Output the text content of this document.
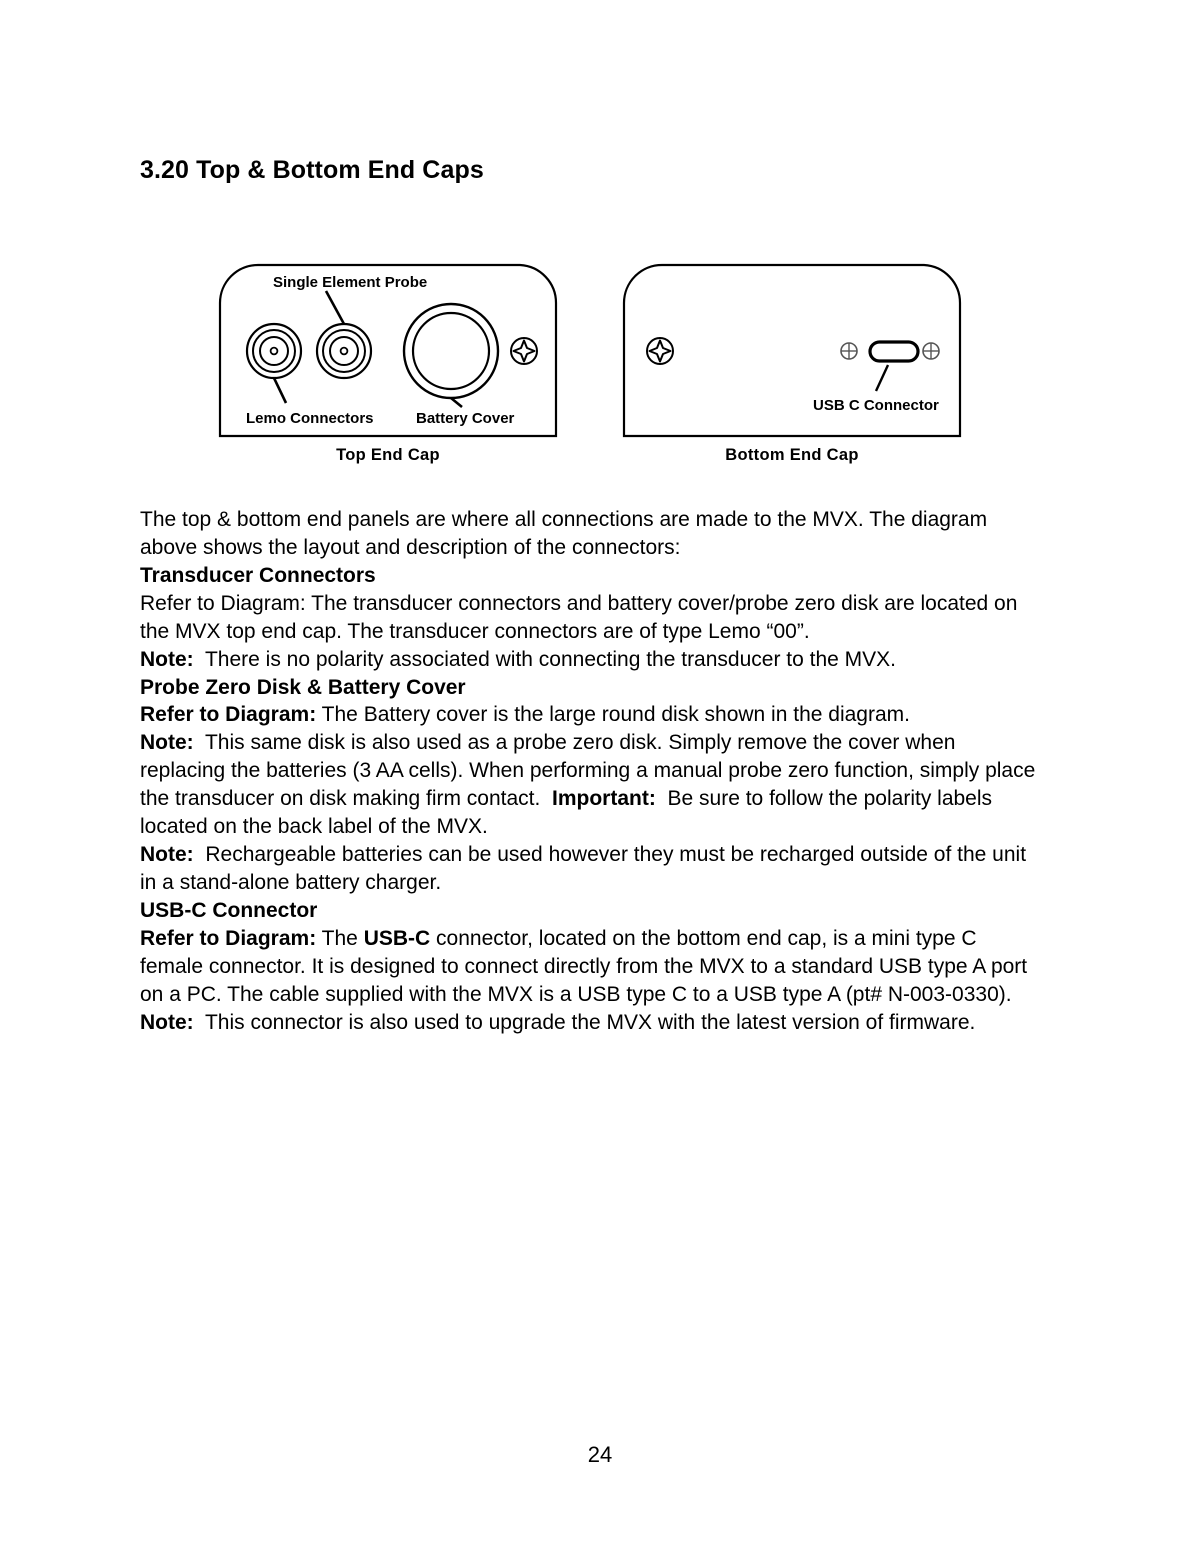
3.20 Top & Bottom End Caps
Single Element Probe
Lemo Connectors	Battery Cover
Top End Cap
USB C Connector
Bottom End Cap

The top & bottom end panels are where all connections are made to the MVX. The diagram above shows the layout and description of the connectors:

Transducer Connectors

Refer to Diagram: The transducer connectors and battery cover/probe zero disk are located on the MVX top end cap. The transducer connectors are of type Lemo “00”.

Note: There is no polarity associated with connecting the transducer to the MVX.

Probe Zero Disk & Battery Cover

Refer to Diagram: The Battery cover is the large round disk shown in the diagram.
Note: This same disk is also used as a probe zero disk. Simply remove the cover when replacing the batteries (3 AA cells). When performing a manual probe zero function, simply place the transducer on disk making firm contact. Important: Be sure to follow the polarity labels located on the back label of the MVX.

Note: Rechargeable batteries can be used however they must be recharged outside of the unit in a stand-alone battery charger.

USB-C Connector

Refer to Diagram: The USB-C connector, located on the bottom end cap, is a mini type C female connector. It is designed to connect directly from the MVX to a standard USB type A port on a PC. The cable supplied with the MVX is a USB type C to a USB type A (pt# N-003-0330).

Note: This connector is also used to upgrade the MVX with the latest version of firmware.

24
